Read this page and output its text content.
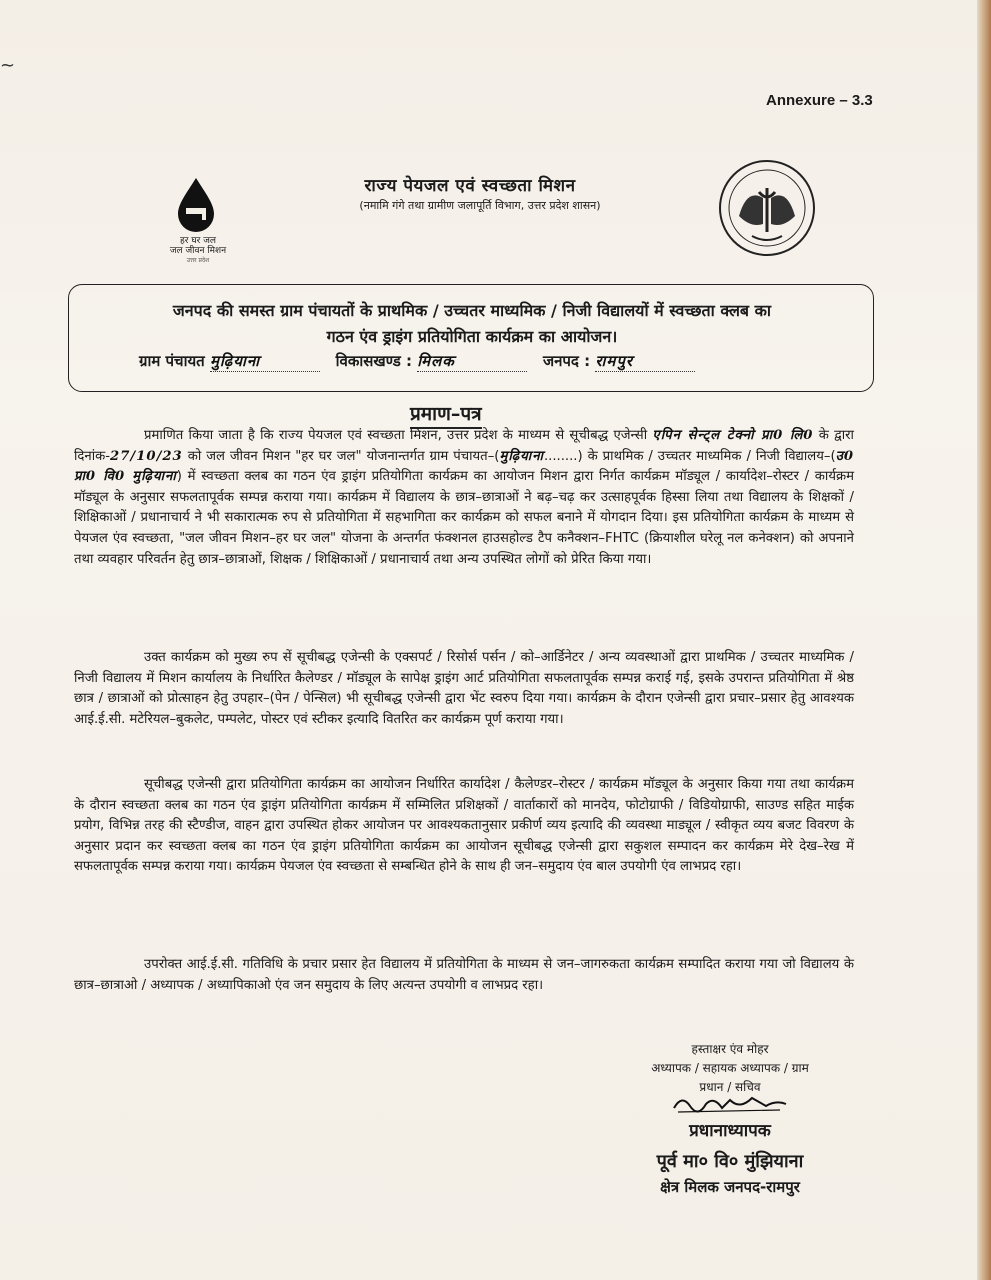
~
Annexure – 3.3
हर घर जल
जल जीवन मिशन
उत्तर प्रदेश
राज्य पेयजल एवं स्वच्छता मिशन
(नमामि गंगे तथा ग्रामीण जलापूर्ति विभाग, उत्तर प्रदेश शासन)
जनपद की समस्त ग्राम पंचायतों के प्राथमिक / उच्चतर माध्यमिक / निजी विद्यालयों में स्वच्छता क्लब का
गठन एंव ड्राइंग प्रतियोगिता कार्यक्रम का आयोजन।
ग्राम पंचायत मुढ़ियाना	विकासखण्ड : मिलक	जनपद : रामपुर
प्रमाण–पत्र
प्रमाणित किया जाता है कि राज्य पेयजल एवं स्वच्छता मिशन, उत्तर प्रदेश के माध्यम से सूचीबद्ध एजेन्सी एपिन सेन्ट्ल टेक्नो प्रा0 लि0 के द्वारा दिनांक-27/10/23 को जल जीवन मिशन "हर घर जल" योजनान्तर्गत ग्राम पंचायत–(मुढ़ियाना........) के प्राथमिक / उच्चतर माध्यमिक / निजी विद्यालय–(उ0 प्रा0 वि0 मुढ़ियाना) में स्वच्छता क्लब का गठन एंव ड्राइंग प्रतियोगिता कार्यक्रम का आयोजन मिशन द्वारा निर्गत कार्यक्रम मॉड्यूल / कार्यादेश–रोस्टर / कार्यक्रम मॉड्यूल के अनुसार सफलतापूर्वक सम्पन्न कराया गया। कार्यक्रम में विद्यालय के छात्र–छात्राओं ने बढ़–चढ़ कर उत्साहपूर्वक हिस्सा लिया तथा विद्यालय के शिक्षकों / शिक्षिकाओं / प्रधानाचार्य ने भी सकारात्मक रुप से प्रतियोगिता में सहभागिता कर कार्यक्रम को सफल बनाने में योगदान दिया। इस प्रतियोगिता कार्यक्रम के माध्यम से पेयजल एंव स्वच्छता, "जल जीवन मिशन–हर घर जल" योजना के अन्तर्गत फंक्शनल हाउसहोल्ड टैप कनैक्शन–FHTC (क्रियाशील घरेलू नल कनेक्शन) को अपनाने तथा व्यवहार परिवर्तन हेतु छात्र–छात्राओं, शिक्षक / शिक्षिकाओं / प्रधानाचार्य तथा अन्य उपस्थित लोगों को प्रेरित किया गया।
उक्त कार्यक्रम को मुख्य रुप सें सूचीबद्ध एजेन्सी के एक्सपर्ट / रिसोर्स पर्सन / को–आर्डिनेटर / अन्य व्यवस्थाओं द्वारा प्राथमिक / उच्चतर माध्यमिक / निजी विद्यालय में मिशन कार्यालय के निर्धारित कैलेण्डर / मॉड्यूल के सापेक्ष ड्राइंग आर्ट प्रतियोगिता सफलतापूर्वक सम्पन्न कराई गई, इसके उपरान्त प्रतियोगिता में श्रेष्ठ छात्र / छात्राओं को प्रोत्साहन हेतु उपहार–(पेन / पेन्सिल) भी सूचीबद्ध एजेन्सी द्वारा भेंट स्वरुप दिया गया। कार्यक्रम के दौरान एजेन्सी द्वारा प्रचार–प्रसार हेतु आवश्यक आई.ई.सी. मटेरियल–बुकलेट, पम्पलेट, पोस्टर एवं स्टीकर इत्यादि वितरित कर कार्यक्रम पूर्ण कराया गया।
सूचीबद्ध एजेन्सी द्वारा प्रतियोगिता कार्यक्रम का आयोजन निर्धारित कार्यादेश / कैलेण्डर–रोस्टर / कार्यक्रम मॉड्यूल के अनुसार किया गया तथा कार्यक्रम के दौरान स्वच्छता क्लब का गठन एंव ड्राइंग प्रतियोगिता कार्यक्रम में सम्मिलित प्रशिक्षकों / वार्ताकारों को मानदेय, फोटोग्राफी / विडियोग्राफी, साउण्ड सहित माईक प्रयोग, विभिन्न तरह की स्टैण्डीज, वाहन द्वारा उपस्थित होकर आयोजन पर आवश्यकतानुसार प्रकीर्ण व्यय इत्यादि की व्यवस्था माड्यूल / स्वीकृत व्यय बजट विवरण के अनुसार प्रदान कर स्वच्छता क्लब का गठन एंव ड्राइंग प्रतियोगिता कार्यक्रम का आयोजन सूचीबद्ध एजेन्सी द्वारा सकुशल सम्पादन कर कार्यक्रम मेरे देख–रेख में सफलतापूर्वक सम्पन्न कराया गया। कार्यक्रम पेयजल एंव स्वच्छता से सम्बन्धित होने के साथ ही जन–समुदाय एंव बाल उपयोगी एंव लाभप्रद रहा।
उपरोक्त आई.ई.सी. गतिविधि के प्रचार प्रसार हेत विद्यालय में प्रतियोगिता के माध्यम से जन–जागरुकता कार्यक्रम सम्पादित कराया गया जो विद्यालय के छात्र–छात्राओ / अध्यापक / अध्यापिकाओ एंव जन समुदाय के लिए अत्यन्त उपयोगी व लाभप्रद रहा।
हस्ताक्षर एंव मोहर
अध्यापक / सहायक अध्यापक / ग्राम
प्रधान / सचिव
प्रधानाध्यापक
पूर्व मा० वि० मुंझियाना
क्षेत्र मिलक जनपद-रामपुर
